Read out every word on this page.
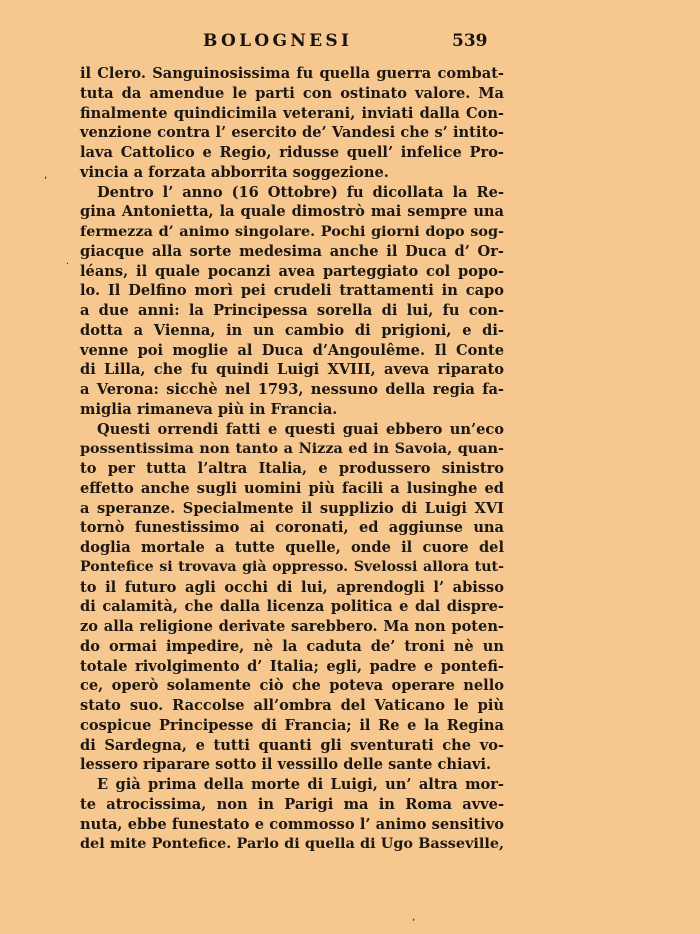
BOLOGNESI	539
il Clero. Sanguinosissima fu quella guerra combat-
tuta da amendue le parti con ostinato valore. Ma
finalmente quindicimila veterani, inviati dalla Con-
venzione contra l’ esercito de’ Vandesi che s’ intito-
lava Cattolico e Regio, ridusse quell’ infelice Pro-
vincia a forzata abborrita soggezione.
Dentro l’ anno (16 Ottobre) fu dicollata la Re-
gina Antonietta, la quale dimostrò mai sempre una
fermezza d’ animo singolare. Pochi giorni dopo sog-
giacque alla sorte medesima anche il Duca d’ Or-
léans, il quale pocanzi avea parteggiato col popo-
lo. Il Delfino morì pei crudeli trattamenti in capo
a due anni: la Principessa sorella di lui, fu con-
dotta a Vienna, in un cambio di prigioni, e di-
venne poi moglie al Duca d’Angoulême. Il Conte
di Lilla, che fu quindi Luigi XVIII, aveva riparato
a Verona: sicchè nel 1793, nessuno della regia fa-
miglia rimaneva più in Francia.
Questi orrendi fatti e questi guai ebbero un’eco
possentissima non tanto a Nizza ed in Savoia, quan-
to per tutta l’altra Italia, e produssero sinistro
effetto anche sugli uomini più facili a lusinghe ed
a speranze. Specialmente il supplizio di Luigi XVI
tornò funestissimo ai coronati, ed aggiunse una
doglia mortale a tutte quelle, onde il cuore del
Pontefice si trovava già oppresso. Svelossi allora tut-
to il futuro agli occhi di lui, aprendogli l’ abisso
di calamità, che dalla licenza politica e dal dispre-
zo alla religione derivate sarebbero. Ma non poten-
do ormai impedire, nè la caduta de’ troni nè un
totale rivolgimento d’ Italia; egli, padre e pontefi-
ce, operò solamente ciò che poteva operare nello
stato suo. Raccolse all’ombra del Vaticano le più
cospicue Principesse di Francia; il Re e la Regina
di Sardegna, e tutti quanti gli sventurati che vo-
lessero riparare sotto il vessillo delle sante chiavi.
E già prima della morte di Luigi, un’ altra mor-
te atrocissima, non in Parigi ma in Roma avve-
nuta, ebbe funestato e commosso l’ animo sensitivo
del mite Pontefice. Parlo di quella di Ugo Basseville,
,
·
‚
